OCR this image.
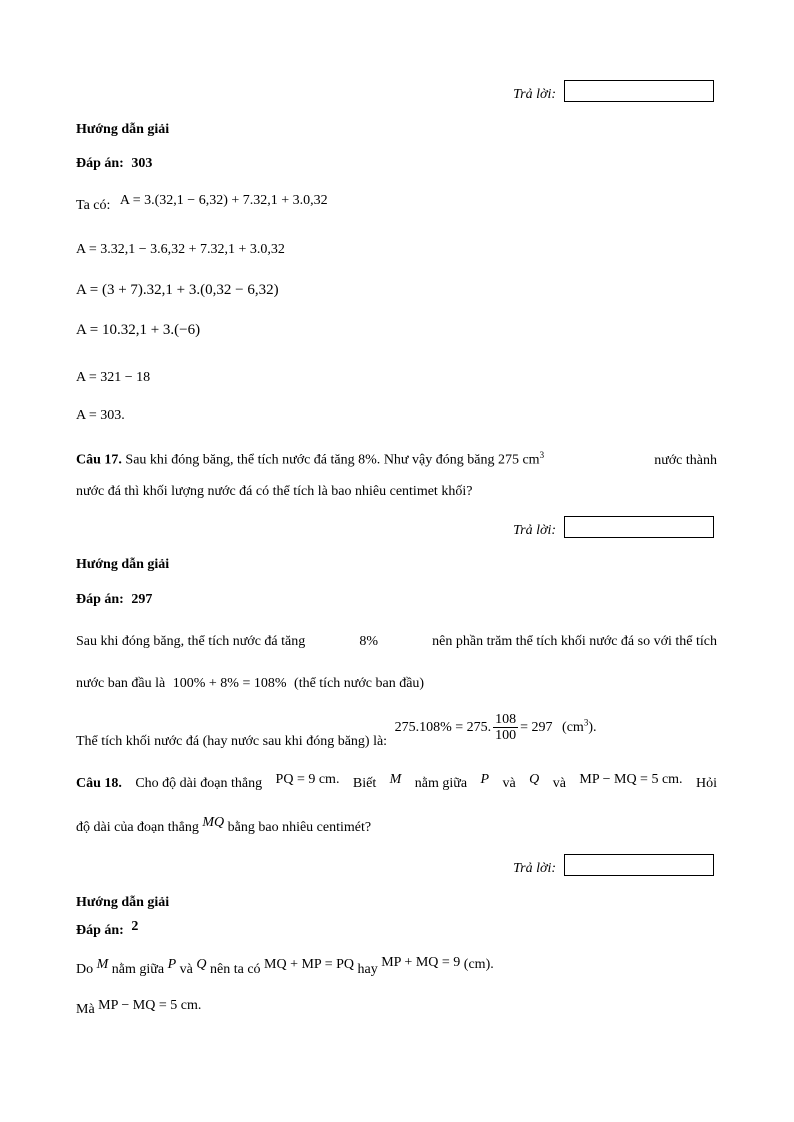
Trả lời:
Hướng dẫn giải
Đáp án: 303
Ta có: A = 3.(32,1 − 6,32) + 7.32,1 + 3.0,32
A = 3.32,1 − 3.6,32 + 7.32,1 + 3.0,32
A = (3 + 7).32,1 + 3.(0,32 − 6,32)
A = 10.32,1 + 3.(−6)
A = 321 − 18
A = 303.
Câu 17. Sau khi đóng băng, thể tích nước đá tăng 8%. Như vậy đóng băng 275 $cm^3$	nước thành
nước đá thì khối lượng nước đá có thể tích là bao nhiêu centimet khối?
Trả lời:
Hướng dẫn giải
Đáp án: 297
Sau khi đóng băng, thể tích nước đá tăng	8%	nên phần trăm thể tích khối nước đá so với thể tích
nước ban đầu là 100% + 8% = 108% (thể tích nước ban đầu)
Thể tích khối nước đá (hay nước sau khi đóng băng) là: 275.108% = 275. $\frac{108}{100} = 297$ $(cm^3)$.
Câu 18. Cho độ dài đoạn thẳng PQ = 9 cm. Biết M nằm giữa P và Q và MP − MQ = 5 cm. Hỏi
độ dài của đoạn thẳng MQ bằng bao nhiêu centimét?
Trả lời:
Hướng dẫn giải
Đáp án: 2
Do M nằm giữa P và Q nên ta có MQ + MP = PQ hay MP + MQ = 9 (cm).
Mà MP − MQ = 5 cm.
